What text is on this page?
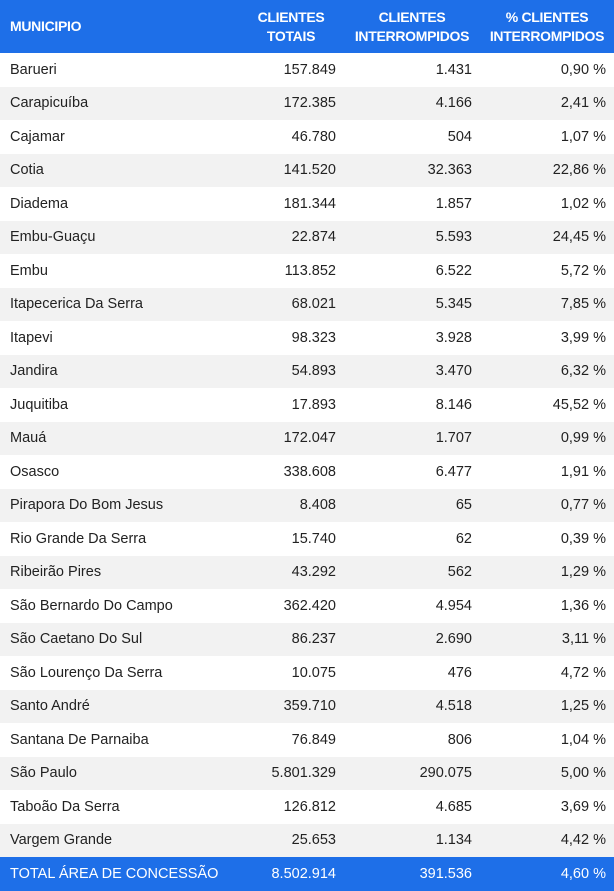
MUNICIPIO	CLIENTES TOTAIS	CLIENTES INTERROMPIDOS	% CLIENTES INTERROMPIDOS
Barueri	157.849	1.431	0,90 %
Carapicuíba	172.385	4.166	2,41 %
Cajamar	46.780	504	1,07 %
Cotia	141.520	32.363	22,86 %
Diadema	181.344	1.857	1,02 %
Embu-Guaçu	22.874	5.593	24,45 %
Embu	113.852	6.522	5,72 %
Itapecerica Da Serra	68.021	5.345	7,85 %
Itapevi	98.323	3.928	3,99 %
Jandira	54.893	3.470	6,32 %
Juquitiba	17.893	8.146	45,52 %
Mauá	172.047	1.707	0,99 %
Osasco	338.608	6.477	1,91 %
Pirapora Do Bom Jesus	8.408	65	0,77 %
Rio Grande Da Serra	15.740	62	0,39 %
Ribeirão Pires	43.292	562	1,29 %
São Bernardo Do Campo	362.420	4.954	1,36 %
São Caetano Do Sul	86.237	2.690	3,11 %
São Lourenço Da Serra	10.075	476	4,72 %
Santo André	359.710	4.518	1,25 %
Santana De Parnaiba	76.849	806	1,04 %
São Paulo	5.801.329	290.075	5,00 %
Taboão Da Serra	126.812	4.685	3,69 %
Vargem Grande	25.653	1.134	4,42 %
TOTAL ÁREA DE CONCESSÃO	8.502.914	391.536	4,60 %
